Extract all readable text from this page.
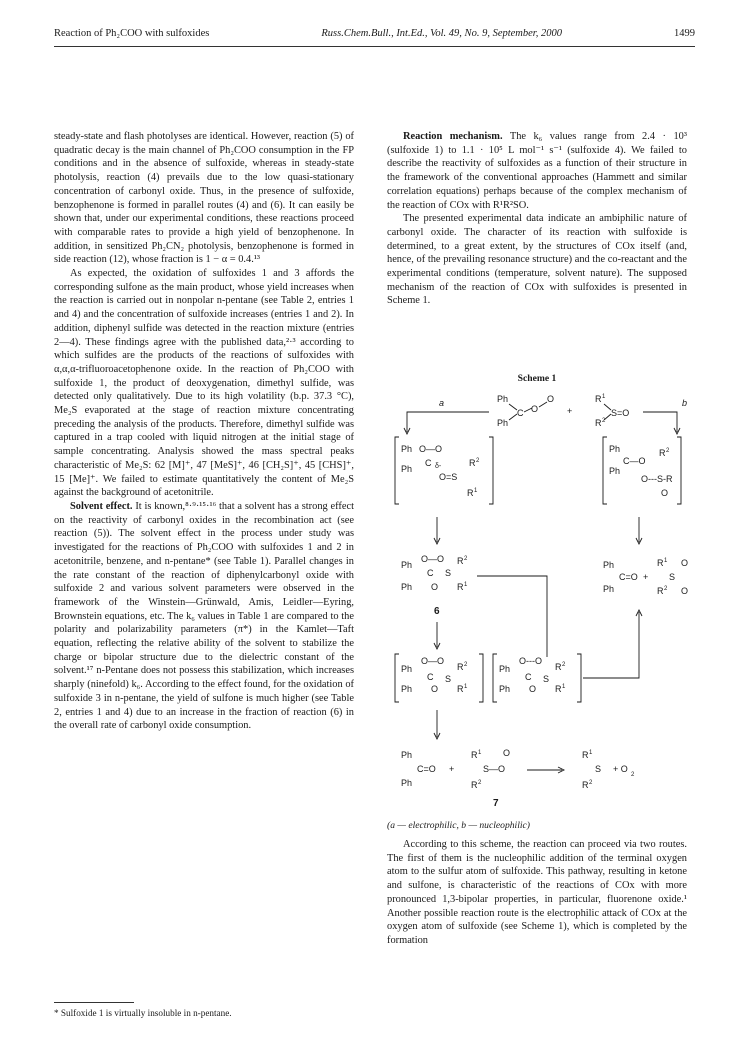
Reaction of Ph₂COO with sulfoxides	Russ.Chem.Bull., Int.Ed., Vol. 49, No. 9, September, 2000	1499

steady-state and flash photolyses are identical. However, reaction (5) of quadratic decay is the main channel of Ph₂COO consumption in the FP conditions and in the absence of sulfoxide, whereas in steady-state photolysis, reaction (4) prevails due to the low quasi-stationary concentration of carbonyl oxide. Thus, in the presence of sulfoxide, benzophenone is formed in parallel routes (4) and (6). It can easily be shown that, under our experimental conditions, these reactions proceed with comparable rates to provide a high yield of benzophenone. In addition, in sensitized Ph₂CN₂ photolysis, benzophenone is formed in side reaction (12), whose fraction is 1 − α = 0.4.¹³

As expected, the oxidation of sulfoxides 1 and 3 affords the corresponding sulfone as the main product, whose yield increases when the reaction is carried out in nonpolar n-pentane (see Table 2, entries 1 and 4) and the concentration of sulfoxide increases (entries 1 and 2). In addition, diphenyl sulfide was detected in the reaction mixture (entries 2—4). These findings agree with the published data,²·³ according to which sulfides are the products of the reactions of sulfoxides with α,α,α-trifluoroacetophenone oxide. In the reaction of Ph₂COO with sulfoxide 1, the product of deoxygenation, dimethyl sulfide, was detected only qualitatively. Due to its high volatility (b.p. 37.3 °C), Me₂S evaporated at the stage of reaction mixture concentrating preceding the analysis of the products. Therefore, dimethyl sulfide was captured in a trap cooled with liquid nitrogen at the initial stage of sample concentrating. Analysis showed the mass spectral peaks characteristic of Me₂S: 62 [M]⁺, 47 [MeS]⁺, 46 [CH₂S]⁺, 45 [CHS]⁺, 15 [Me]⁺. We failed to estimate quantitatively the content of Me₂S against the background of acetonitrile.

Solvent effect. It is known,⁸·⁹·¹⁵·¹⁶ that a solvent has a strong effect on the reactivity of carbonyl oxides in the recombination act (see reaction (5)). The solvent effect in the process under study was investigated for the reactions of Ph₂COO with sulfoxides 1 and 2 in acetonitrile, benzene, and n-pentane* (see Table 1). Parallel changes in the rate constant of the reaction of diphenylcarbonyl oxide with sulfoxide 2 and various solvent parameters were observed in the framework of the Winstein—Grünwald, Amis, Leidler—Eyring, Brownstein equations, etc. The k₆ values in Table 1 are compared to the polarity and polarizability parameters (π*) in the Kamlet—Taft equation, reflecting the relative ability of the solvent to stabilize the charge or bipolar structure due to the dielectric constant of the solvent.¹⁷ n-Pentane does not possess this stabilization, which increases sharply (ninefold) k₆. According to the effect found, for the oxidation of sulfoxide 3 in n-pentane, the yield of sulfone is much higher (see Table 2, entries 1 and 4) due to an increase in the fraction of reaction (6) in the overall rate of carbonyl oxide consumption.

Reaction mechanism. The k₆ values range from 2.4 · 10³ (sulfoxide 1) to 1.1 · 10⁵ L mol⁻¹ s⁻¹ (sulfoxide 4). We failed to describe the reactivity of sulfoxides as a function of their structure in the framework of the conventional approaches (Hammett and similar correlation equations) perhaps because of the complex mechanism of the reaction of COx with R¹R²SO.

The presented experimental data indicate an ambiphilic nature of carbonyl oxide. The character of its reaction with sulfoxide is determined, to a great extent, by the structures of COx itself (and, hence, of the prevailing resonance structure) and the co-reactant and the experimental conditions (temperature, solvent nature). The supposed mechanism of the reaction of COx with sulfoxides is presented in Scheme 1.

Scheme 1
Ph
C O
O
Ph
+
R 1
S=O
R 2
a	b
Ph O—O
Ph
C δ-
O=S
R 2
R 1
Ph
C—O
Ph
R 2
O---S-R
O
Ph
O—O
C S
R 2
Ph O R 1
6
Ph
C=O
Ph
+
R 1
S
O
R 2 O
Ph
O—O
C S
R 2
Ph O R 1
Ph
O---O
C S
R 2
Ph O R 1
Ph
C=O
Ph
+
R 1
S—O
O
R 2
R 1
S
R 2
+ O
2
7
(a — electrophilic, b — nucleophilic)

According to this scheme, the reaction can proceed via two routes. The first of them is the nucleophilic addition of the terminal oxygen atom to the sulfur atom of sulfoxide. This pathway, resulting in ketone and sulfone, is characteristic of the reactions of COx with more pronounced 1,3-bipolar properties, in particular, fluorenone oxide.¹ Another possible reaction route is the electrophilic attack of COx at the oxygen atom of sulfoxide (see Scheme 1), which is completed by the formation

* Sulfoxide 1 is virtually insoluble in n-pentane.
